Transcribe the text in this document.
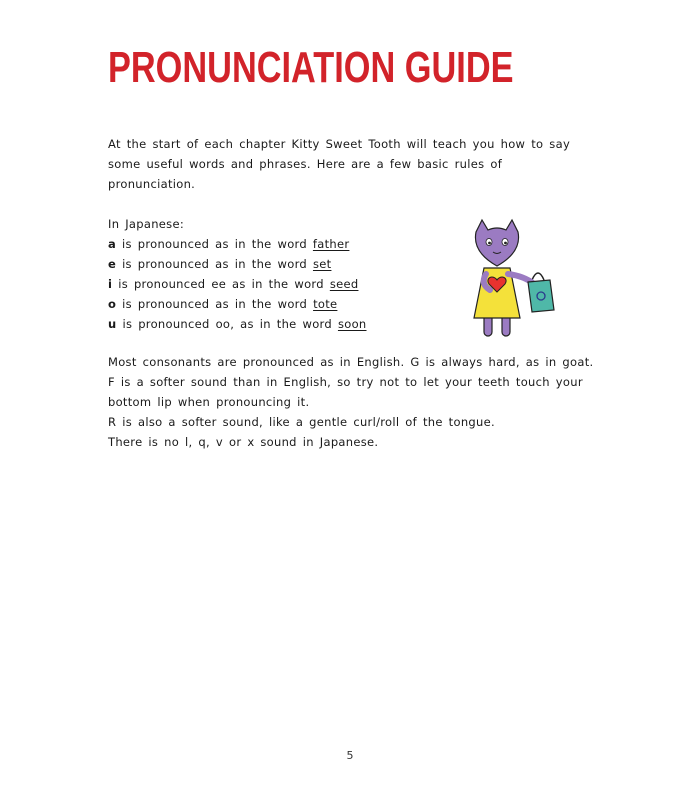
PRONUNCIATION GUIDE

At the start of each chapter Kitty Sweet Tooth will teach you how to say some useful words and phrases. Here are a few basic rules of pronunciation.

In Japanese:

a is pronounced as in the word father
e is pronounced as in the word set
i is pronounced ee as in the word seed
o is pronounced as in the word tote
u is pronounced oo, as in the word soon

Most consonants are pronounced as in English. G is always hard, as in goat.

F is a softer sound than in English, so try not to let your teeth touch your bottom lip when pronouncing it.

R is also a softer sound, like a gentle curl/roll of the tongue.

There is no l, q, v or x sound in Japanese.

5
